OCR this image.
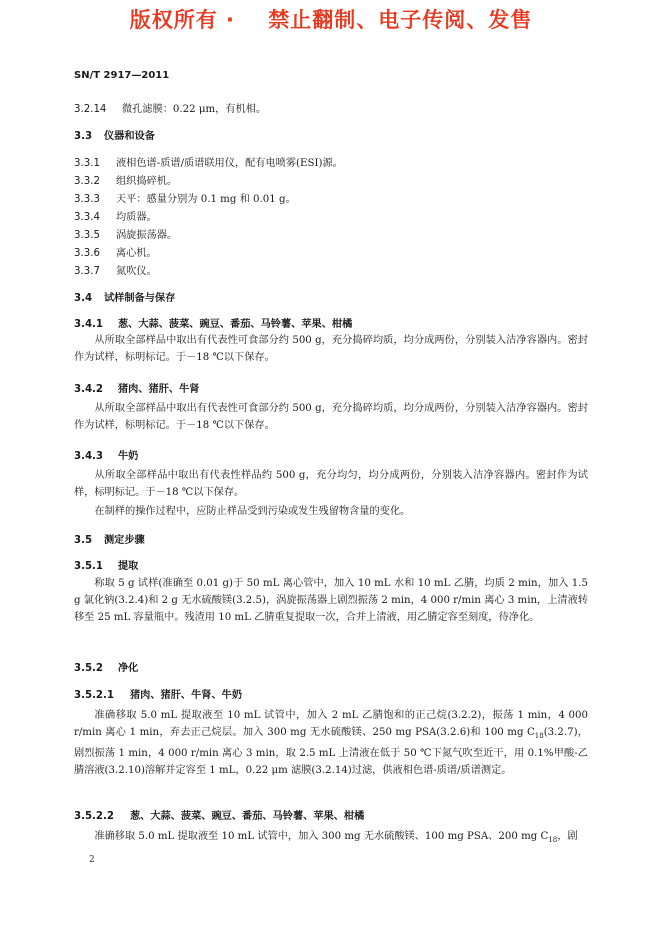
版权所有 ·    禁止翻制、电子传阅、发售
SN/T 2917—2011
3.2.14 微孔滤膜：0.22 μm，有机相。
3.3 仪器和设备
3.3.1 液相色谱-质谱/质谱联用仪，配有电喷雾(ESI)源。
3.3.2 组织捣碎机。
3.3.3 天平：感量分别为 0.1 mg 和 0.01 g。
3.3.4 均质器。
3.3.5 涡旋振荡器。
3.3.6 离心机。
3.3.7 氮吹仪。
3.4 试样制备与保存
3.4.1 葱、大蒜、菠菜、豌豆、番茄、马铃薯、苹果、柑橘
从所取全部样品中取出有代表性可食部分约 500 g，充分捣碎均质，均分成两份，分别装入洁净容器内。密封作为试样，标明标记。于－18 ℃以下保存。
3.4.2 猪肉、猪肝、牛肾
从所取全部样品中取出有代表性可食部分约 500 g，充分捣碎均质，均分成两份，分别装入洁净容器内。密封作为试样，标明标记。于－18 ℃以下保存。
3.4.3 牛奶
从所取全部样品中取出有代表性样品约 500 g，充分均匀，均分成两份，分别装入洁净容器内。密封作为试样，标明标记。于－18 ℃以下保存。
在制样的操作过程中，应防止样品受到污染或发生残留物含量的变化。
3.5 测定步骤
3.5.1 提取
称取 5 g 试样(准确至 0.01 g)于 50 mL 离心管中，加入 10 mL 水和 10 mL 乙腈，均质 2 min，加入 1.5 g 氯化钠(3.2.4)和 2 g 无水硫酸镁(3.2.5)，涡旋振荡器上剧烈振荡 2 min，4 000 r/min 离心 3 min，上清液转移至 25 mL 容量瓶中。残渣用 10 mL 乙腈重复提取一次，合并上清液，用乙腈定容至刻度，待净化。
3.5.2 净化
3.5.2.1 猪肉、猪肝、牛肾、牛奶
准确移取 5.0 mL 提取液至 10 mL 试管中，加入 2 mL 乙腈饱和的正己烷(3.2.2)，振荡 1 min，4 000 r/min 离心 1 min，弃去正己烷层。加入 300 mg 无水硫酸镁、250 mg PSA(3.2.6)和 100 mg $C_{18}(3.2.7)$，剧烈振荡 1 min，4 000 r/min 离心 3 min，取 2.5 mL 上清液在低于 50 ℃下氮气吹至近干，用 0.1%甲酸-乙腈溶液(3.2.10)溶解并定容至 1 mL，0.22 μm 滤膜(3.2.14)过滤，供液相色谱-质谱/质谱测定。
3.5.2.2 葱、大蒜、菠菜、豌豆、番茄、马铃薯、苹果、柑橘
准确移取 5.0 mL 提取液至 10 mL 试管中，加入 300 mg 无水硫酸镁、100 mg PSA、200 mg $C_{18}$，剧
2
